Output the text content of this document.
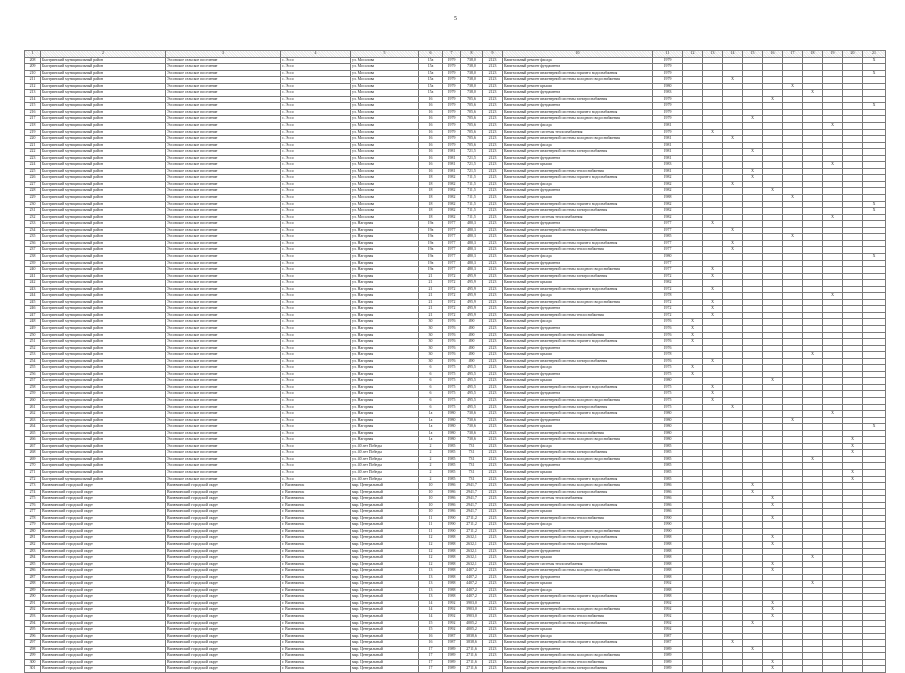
5
1	2	3	4	5	6	7	8	9	10	11	12	13	14	15	16	17	18	19	20	21
208	Быстринский муниципальный район	Эссовское сельское поселение	с. Эссо	ул. Мосолова	15а	1979	738,0	2123	Капитальный ремонт фасада	1979										Х
209	Быстринский муниципальный район	Эссовское сельское поселение	с. Эссо	ул. Мосолова	15а	1979	738,0	2123	Капитальный ремонт фундамента	1979										
210	Быстринский муниципальный район	Эссовское сельское поселение	с. Эссо	ул. Мосолова	15а	1979	738,0	2123	Капитальный ремонт инженерной системы горячего водоснабжения	1979										Х
211	Быстринский муниципальный район	Эссовское сельское поселение	с. Эссо	ул. Мосолова	15а	1979	738,0	2123	Капитальный ремонт инженерной системы холодного водоснабжения	1979			Х							
212	Быстринский муниципальный район	Эссовское сельское поселение	с. Эссо	ул. Мосолова	15а	1979	738,0	2123	Капитальный ремонт крыши	1980						Х				
213	Быстринский муниципальный район	Эссовское сельское поселение	с. Эссо	ул. Мосолова	15а	1979	738,0	2123	Капитальный ремонт фундамента	1983							Х			
214	Быстринский муниципальный район	Эссовское сельское поселение	с. Эссо	ул. Мосолова	16	1979	705,6	2123	Капитальный ремонт инженерной системы электроснабжения	1979					Х					
215	Быстринский муниципальный район	Эссовское сельское поселение	с. Эссо	ул. Мосолова	16	1979	705,6	2123	Капитальный ремонт фундамента	1979										Х
216	Быстринский муниципальный район	Эссовское сельское поселение	с. Эссо	ул. Мосолова	16	1979	705,6	2123	Капитальный ремонт инженерной системы горячего водоснабжения	1979										
217	Быстринский муниципальный район	Эссовское сельское поселение	с. Эссо	ул. Мосолова	16	1979	705,6	2123	Капитальный ремонт инженерной системы холодного водоснабжения	1979				Х						
218	Быстринский муниципальный район	Эссовское сельское поселение	с. Эссо	ул. Мосолова	16	1979	705,6	2123	Капитальный ремонт фасада	1981								Х		
219	Быстринский муниципальный район	Эссовское сельское поселение	с. Эссо	ул. Мосолова	16	1979	705,6	2123	Капитальный ремонт системы теплоснабжения	1979		Х								
220	Быстринский муниципальный район	Эссовское сельское поселение	с. Эссо	ул. Мосолова	16	1979	705,6	2123	Капитальный ремонт инженерной системы холодного водоснабжения	1981			Х							
221	Быстринский муниципальный район	Эссовское сельское поселение	с. Эссо	ул. Мосолова	16	1979	705,6	2123	Капитальный ремонт фасада	1981										
222	Быстринский муниципальный район	Эссовское сельское поселение	с. Эссо	ул. Мосолова	16	1981	721,5	2123	Капитальный ремонт инженерной системы электроснабжения	1981				Х						
223	Быстринский муниципальный район	Эссовское сельское поселение	с. Эссо	ул. Мосолова	16	1981	721,5	2123	Капитальный ремонт фундамента	1981										
224	Быстринский муниципальный район	Эссовское сельское поселение	с. Эссо	ул. Мосолова	16	1981	721,5	2123	Капитальный ремонт крыши	1983								Х		
225	Быстринский муниципальный район	Эссовское сельское поселение	с. Эссо	ул. Мосолова	16	1981	721,5	2123	Капитальный ремонт инженерной системы теплоснабжения	1981				Х						
226	Быстринский муниципальный район	Эссовское сельское поселение	с. Эссо	ул. Мосолова	18	1982	711,5	2123	Капитальный ремонт инженерной системы горячего водоснабжения	1982				Х						
227	Быстринский муниципальный район	Эссовское сельское поселение	с. Эссо	ул. Мосолова	18	1982	711,5	2123	Капитальный ремонт фасада	1982			Х							
228	Быстринский муниципальный район	Эссовское сельское поселение	с. Эссо	ул. Мосолова	18	1982	711,5	2123	Капитальный ремонт фундамента	1982					Х					
229	Быстринский муниципальный район	Эссовское сельское поселение	с. Эссо	ул. Мосолова	18	1982	711,5	2123	Капитальный ремонт крыши	1988						Х				
230	Быстринский муниципальный район	Эссовское сельское поселение	с. Эссо	ул. Мосолова	18	1982	711,5	2123	Капитальный ремонт инженерной системы горячего водоснабжения	1982										Х
231	Быстринский муниципальный район	Эссовское сельское поселение	с. Эссо	ул. Мосолова	18	1982	711,5	2123	Капитальный ремонт инженерной системы электроснабжения	1982										Х
232	Быстринский муниципальный район	Эссовское сельское поселение	с. Эссо	ул. Мосолова	18	1982	711,5	2123	Капитальный ремонт системы теплоснабжения	1982								Х		
233	Быстринский муниципальный район	Эссовское сельское поселение	с. Эссо	ул. Нагорная	19а	1977	480,3	2123	Капитальный ремонт фундамента	1977		Х								
234	Быстринский муниципальный район	Эссовское сельское поселение	с. Эссо	ул. Нагорная	19а	1977	480,3	2123	Капитальный ремонт инженерной системы электроснабжения	1977			Х							
235	Быстринский муниципальный район	Эссовское сельское поселение	с. Эссо	ул. Нагорная	19а	1977	480,3	2123	Капитальный ремонт крыши	1985						Х				
236	Быстринский муниципальный район	Эссовское сельское поселение	с. Эссо	ул. Нагорная	19а	1977	480,3	2123	Капитальный ремонт инженерной системы горячего водоснабжения	1977			Х							
237	Быстринский муниципальный район	Эссовское сельское поселение	с. Эссо	ул. Нагорная	19а	1977	480,3	2123	Капитальный ремонт инженерной системы теплоснабжения	1977			Х							
238	Быстринский муниципальный район	Эссовское сельское поселение	с. Эссо	ул. Нагорная	19а	1977	480,3	2123	Капитальный ремонт фасада	1980										Х
239	Быстринский муниципальный район	Эссовское сельское поселение	с. Эссо	ул. Нагорная	19а	1977	480,3	2123	Капитальный ремонт фундамента	1977										
240	Быстринский муниципальный район	Эссовское сельское поселение	с. Эссо	ул. Нагорная	19а	1977	480,3	2123	Капитальный ремонт инженерной системы холодного водоснабжения	1977		Х								
241	Быстринский муниципальный район	Эссовское сельское поселение	с. Эссо	ул. Нагорная	21	1972	495,9	2123	Капитальный ремонт инженерной системы электроснабжения	1972		Х								
242	Быстринский муниципальный район	Эссовское сельское поселение	с. Эссо	ул. Нагорная	21	1972	495,9	2123	Капитальный ремонт крыши	1982										
243	Быстринский муниципальный район	Эссовское сельское поселение	с. Эссо	ул. Нагорная	21	1972	495,9	2123	Капитальный ремонт инженерной системы горячего водоснабжения	1972		Х								
244	Быстринский муниципальный район	Эссовское сельское поселение	с. Эссо	ул. Нагорная	21	1972	495,9	2123	Капитальный ремонт фасада	1978								Х		
245	Быстринский муниципальный район	Эссовское сельское поселение	с. Эссо	ул. Нагорная	21	1972	495,9	2123	Капитальный ремонт инженерной системы холодного водоснабжения	1972		Х								
246	Быстринский муниципальный район	Эссовское сельское поселение	с. Эссо	ул. Нагорная	21	1972	495,9	2123	Капитальный ремонт фундамента	1972		Х								
247	Быстринский муниципальный район	Эссовское сельское поселение	с. Эссо	ул. Нагорная	21	1972	495,9	2123	Капитальный ремонт инженерной системы теплоснабжения	1972		Х								
248	Быстринский муниципальный район	Эссовское сельское поселение	с. Эссо	ул. Нагорная	30	1976	490	2123	Капитальный ремонт фасада	1976	Х									
249	Быстринский муниципальный район	Эссовское сельское поселение	с. Эссо	ул. Нагорная	30	1976	490	2123	Капитальный ремонт фундамента	1976	Х									
250	Быстринский муниципальный район	Эссовское сельское поселение	с. Эссо	ул. Нагорная	30	1976	490	2123	Капитальный ремонт инженерной системы теплоснабжения	1976	Х									
251	Быстринский муниципальный район	Эссовское сельское поселение	с. Эссо	ул. Нагорная	30	1976	490	2123	Капитальный ремонт инженерной системы горячего водоснабжения	1976	Х									
252	Быстринский муниципальный район	Эссовское сельское поселение	с. Эссо	ул. Нагорная	30	1976	490	2123	Капитальный ремонт фундамента	1976										
253	Быстринский муниципальный район	Эссовское сельское поселение	с. Эссо	ул. Нагорная	30	1976	490	2123	Капитальный ремонт крыши	1978							Х			
254	Быстринский муниципальный район	Эссовское сельское поселение	с. Эссо	ул. Нагорная	30	1976	490	2123	Капитальный ремонт инженерной системы электроснабжения	1976		Х								
255	Быстринский муниципальный район	Эссовское сельское поселение	с. Эссо	ул. Нагорная	6	1975	495,5	2123	Капитальный ремонт фасада	1975	Х									
256	Быстринский муниципальный район	Эссовское сельское поселение	с. Эссо	ул. Нагорная	6	1975	495,5	2123	Капитальный ремонт фундамента	1975	Х									
257	Быстринский муниципальный район	Эссовское сельское поселение	с. Эссо	ул. Нагорная	6	1975	495,5	2123	Капитальный ремонт крыши	1980					Х					
258	Быстринский муниципальный район	Эссовское сельское поселение	с. Эссо	ул. Нагорная	6	1975	495,5	2123	Капитальный ремонт инженерной системы горячего водоснабжения	1975		Х								
259	Быстринский муниципальный район	Эссовское сельское поселение	с. Эссо	ул. Нагорная	6	1975	495,5	2123	Капитальный ремонт фундамента	1975		Х								
260	Быстринский муниципальный район	Эссовское сельское поселение	с. Эссо	ул. Нагорная	6	1975	495,5	2123	Капитальный ремонт инженерной системы холодного водоснабжения	1975		Х								
261	Быстринский муниципальный район	Эссовское сельское поселение	с. Эссо	ул. Нагорная	6	1975	495,5	2123	Капитальный ремонт инженерной системы электроснабжения	1975			Х							
262	Быстринский муниципальный район	Эссовское сельское поселение	с. Эссо	ул. Нагорная	1а	1980	730,6	2123	Капитальный ремонт инженерной системы горячего водоснабжения	1980								Х		
263	Быстринский муниципальный район	Эссовское сельское поселение	с. Эссо	ул. Нагорная	1а	1980	730,6	2123	Капитальный ремонт фундамента	1980						Х				
264	Быстринский муниципальный район	Эссовское сельское поселение	с. Эссо	ул. Нагорная	1а	1980	730,6	2123	Капитальный ремонт крыши	1980										Х
265	Быстринский муниципальный район	Эссовское сельское поселение	с. Эссо	ул. Нагорная	1а	1980	730,6	2123	Капитальный ремонт инженерной системы теплоснабжения	1980										
266	Быстринский муниципальный район	Эссовское сельское поселение	с. Эссо	ул. Нагорная	1а	1980	730,6	2123	Капитальный ремонт инженерной системы холодного водоснабжения	1980									Х	
267	Быстринский муниципальный район	Эссовское сельское поселение	с. Эссо	ул. 40 лет Победы	2	1985	731	2123	Капитальный ремонт фасада	1985									Х	
268	Быстринский муниципальный район	Эссовское сельское поселение	с. Эссо	ул. 40 лет Победы	2	1985	731	2123	Капитальный ремонт инженерной системы электроснабжения	1985									Х	
269	Быстринский муниципальный район	Эссовское сельское поселение	с. Эссо	ул. 40 лет Победы	2	1985	731	2123	Капитальный ремонт инженерной системы холодного водоснабжения	1985							Х			
270	Быстринский муниципальный район	Эссовское сельское поселение	с. Эссо	ул. 40 лет Победы	2	1985	731	2123	Капитальный ремонт фундамента	1985										
271	Быстринский муниципальный район	Эссовское сельское поселение	с. Эссо	ул. 40 лет Победы	2	1985	731	2123	Капитальный ремонт крыши	1985									Х	
272	Быстринский муниципальный район	Эссовское сельское поселение	с. Эссо	ул. 40 лет Победы	2	1985	731	2123	Капитальный ремонт инженерной системы горячего водоснабжения	1985									Х	
273	Вилючинский городской округ	Вилючинский городской округ	г. Вилючинск	мкр. Центральный	10	1986	2941,7	2123	Капитальный ремонт инженерной системы холодного водоснабжения	1986				Х						
274	Вилючинский городской округ	Вилючинский городской округ	г. Вилючинск	мкр. Центральный	10	1986	2941,7	2123	Капитальный ремонт инженерной системы электроснабжения	1986				Х						
275	Вилючинский городской округ	Вилючинский городской округ	г. Вилючинск	мкр. Центральный	10	1986	2941,7	2123	Капитальный ремонт системы теплоснабжения	1986					Х					
276	Вилючинский городской округ	Вилючинский городской округ	г. Вилючинск	мкр. Центральный	10	1986	2941,7	2123	Капитальный ремонт инженерной системы горячего водоснабжения	1986					Х					
277	Вилючинский городской округ	Вилючинский городской округ	г. Вилючинск	мкр. Центральный	10	1986	2941,7	2123	Капитальный ремонт крыши	1986										
278	Вилючинский городской округ	Вилючинский городской округ	г. Вилючинск	мкр. Центральный	11	1990	2711,2	2123	Капитальный ремонт инженерной системы теплоснабжения	1990					Х					
279	Вилючинский городской округ	Вилючинский городской округ	г. Вилючинск	мкр. Центральный	11	1990	2711,2	2123	Капитальный ремонт фасада	1990										
280	Вилючинский городской округ	Вилючинский городской округ	г. Вилючинск	мкр. Центральный	11	1990	2711,2	2123	Капитальный ремонт инженерной системы холодного водоснабжения	1990										
281	Вилючинский городской округ	Вилючинский городской округ	г. Вилючинск	мкр. Центральный	12	1988	2632,1	2123	Капитальный ремонт инженерной системы горячего водоснабжения	1988					Х					
282	Вилючинский городской округ	Вилючинский городской округ	г. Вилючинск	мкр. Центральный	12	1988	2632,1	2123	Капитальный ремонт инженерной системы электроснабжения	1988					Х					
283	Вилючинский городской округ	Вилючинский городской округ	г. Вилючинск	мкр. Центральный	12	1988	2632,1	2123	Капитальный ремонт фундамента	1988										
284	Вилючинский городской округ	Вилючинский городской округ	г. Вилючинск	мкр. Центральный	12	1988	2632,1	2123	Капитальный ремонт крыши	1988							Х			
285	Вилючинский городской округ	Вилючинский городской округ	г. Вилючинск	мкр. Центральный	12	1988	2632,1	2123	Капитальный ремонт системы теплоснабжения	1988					Х					
286	Вилючинский городской округ	Вилючинский городской округ	г. Вилючинск	мкр. Центральный	13	1988	4407,2	2123	Капитальный ремонт инженерной системы холодного водоснабжения	1988					Х					
287	Вилючинский городской округ	Вилючинский городской округ	г. Вилючинск	мкр. Центральный	13	1988	4407,2	2123	Капитальный ремонт фундамента	1988										
288	Вилючинский городской округ	Вилючинский городской округ	г. Вилючинск	мкр. Центральный	13	1988	4407,2	2123	Капитальный ремонт крыши	1992							Х			
289	Вилючинский городской округ	Вилючинский городской округ	г. Вилючинск	мкр. Центральный	13	1988	4407,2	2123	Капитальный ремонт фасада	1988										
290	Вилючинский городской округ	Вилючинский городской округ	г. Вилючинск	мкр. Центральный	13	1988	4407,2	2123	Капитальный ремонт инженерной системы горячего водоснабжения	1988										
291	Вилючинский городской округ	Вилючинский городской округ	г. Вилючинск	мкр. Центральный	14	1992	3903,0	2123	Капитальный ремонт фундамента	1992					Х					
292	Вилючинский городской округ	Вилючинский городской округ	г. Вилючинск	мкр. Центральный	14	1992	3903,0	2123	Капитальный ремонт инженерной системы холодного водоснабжения	1992					Х					
293	Вилючинский городской округ	Вилючинский городской округ	г. Вилючинск	мкр. Центральный	14	1992	3903,0	2123	Капитальный ремонт инженерной системы теплоснабжения	1992					Х					
294	Вилючинский городской округ	Вилючинский городской округ	г. Вилючинск	мкр. Центральный	15	1992	4005,2	2123	Капитальный ремонт инженерной системы электроснабжения	1992				Х						
295	Вилючинский городской округ	Вилючинский городской округ	г. Вилючинск	мкр. Центральный	15	1992	4005,2	2123	Капитальный ремонт крыши	1992										
296	Вилючинский городской округ	Вилючинский городской округ	г. Вилючинск	мкр. Центральный	16	1987	3838,6	2123	Капитальный ремонт фасада	1987										
297	Вилючинский городской округ	Вилючинский городской округ	г. Вилючинск	мкр. Центральный	16	1987	3838,6	2123	Капитальный ремонт инженерной системы горячего водоснабжения	1987			Х							
298	Вилючинский городской округ	Вилючинский городской округ	г. Вилючинск	мкр. Центральный	17	1989	2711,6	2123	Капитальный ремонт фундамента	1989				Х						
299	Вилючинский городской округ	Вилючинский городской округ	г. Вилючинск	мкр. Центральный	17	1989	2711,6	2123	Капитальный ремонт инженерной системы холодного водоснабжения	1989										
300	Вилючинский городской округ	Вилючинский городской округ	г. Вилючинск	мкр. Центральный	17	1989	2711,6	2123	Капитальный ремонт инженерной системы теплоснабжения	1989					Х					
301	Вилючинский городской округ	Вилючинский городской округ	г. Вилючинск	мкр. Центральный	17	1989	2711,6	2123	Капитальный ремонт инженерной системы электроснабжения	1989					Х					
